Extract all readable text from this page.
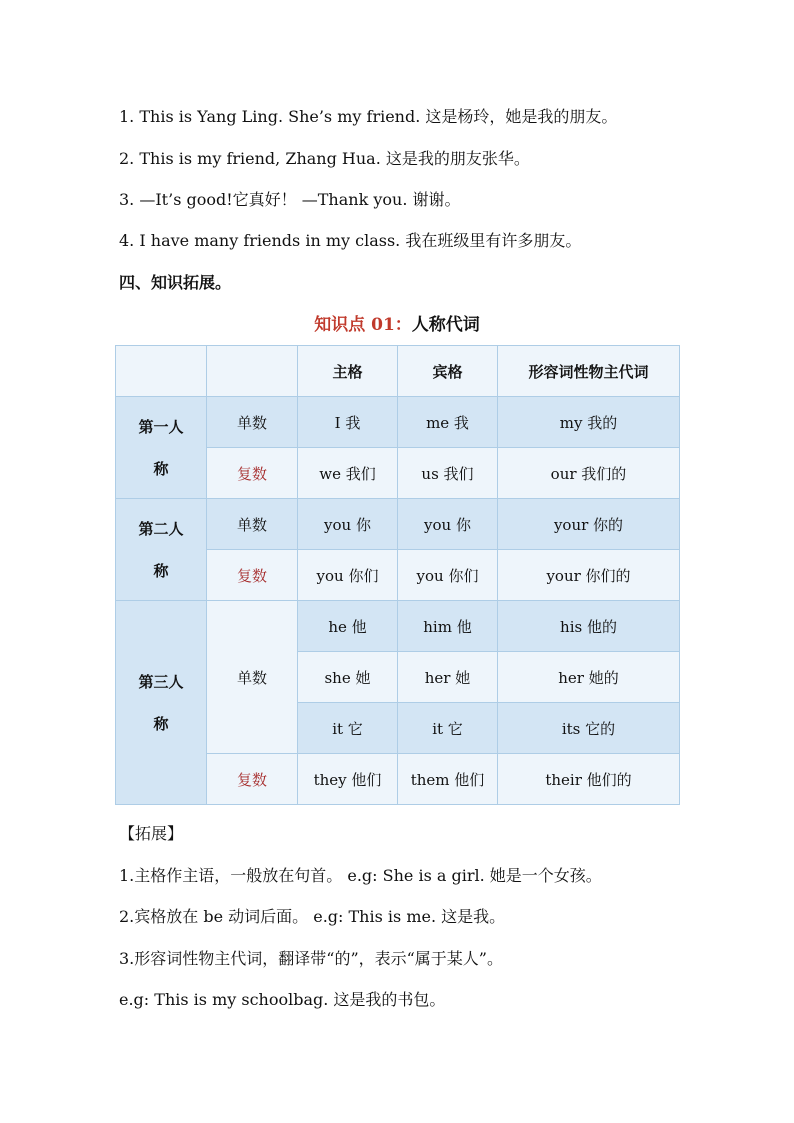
1. This is Yang Ling. She’s my friend. 这是杨玲，她是我的朋友。
2. This is my friend, Zhang Hua. 这是我的朋友张华。
3. —It’s good!它真好！ —Thank you. 谢谢。
4. I have many friends in my class. 我在班级里有许多朋友。
四、知识拓展。
知识点 01：人称代词
		主格	宾格	形容词性物主代词
第一人
称	单数	I 我	me 我	my 我的
	复数	we 我们	us 我们	our 我们的
第二人
称	单数	you 你	you 你	your 你的
	复数	you 你们	you 你们	your 你们的
第三人
称	单数	he 他	him 他	his 他的
		she 她	her 她	her 她的
		it 它	it 它	its 它的
	复数	they 他们	them 他们	their 他们的
【拓展】
1.主格作主语，一般放在句首。 e.g: She is a girl. 她是一个女孩。
2.宾格放在 be 动词后面。 e.g: This is me. 这是我。
3.形容词性物主代词，翻译带“的”，表示“属于某人”。
e.g: This is my schoolbag. 这是我的书包。
